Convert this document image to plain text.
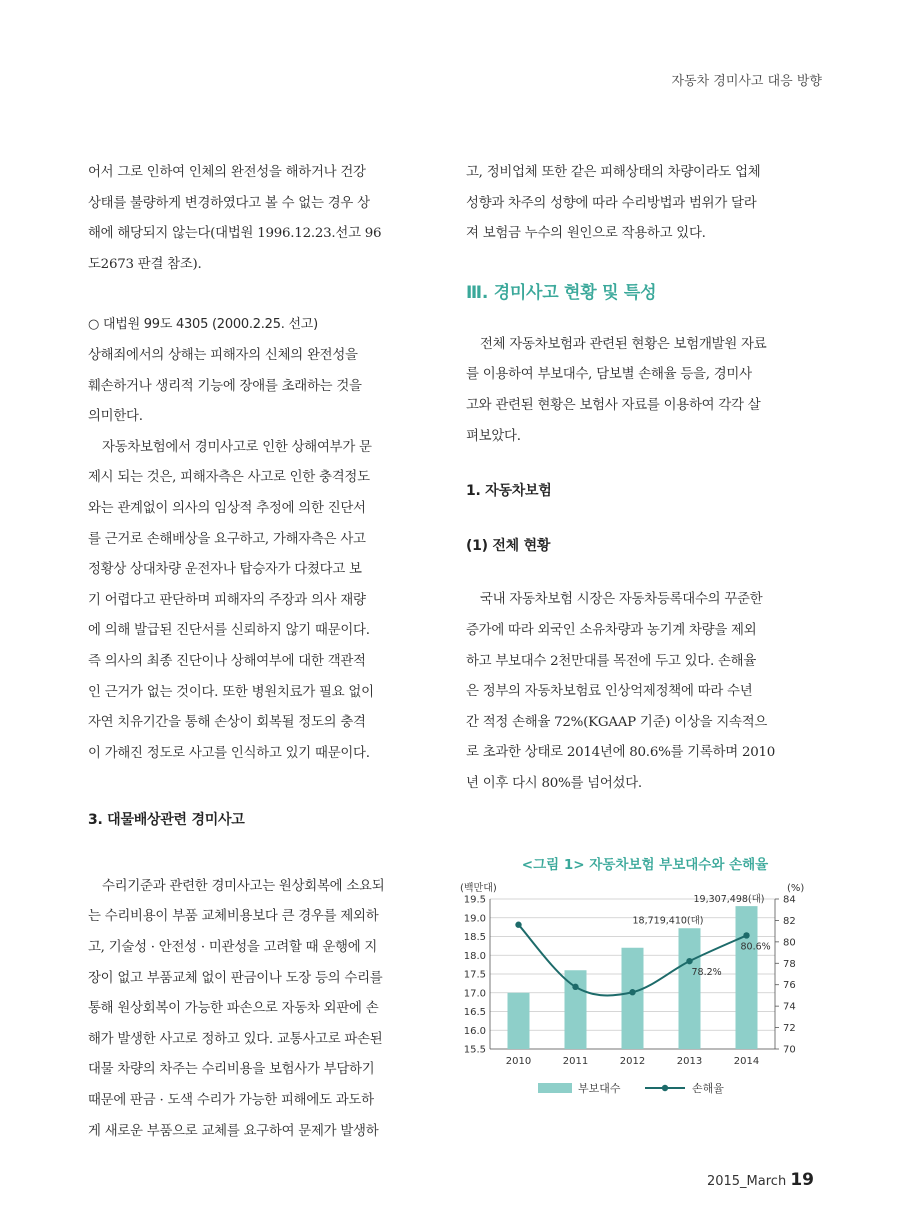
자동차 경미사고 대응 방향
어서 그로 인하여 인체의 완전성을 해하거나 건강
상태를 불량하게 변경하였다고 볼 수 없는 경우 상
해에 해당되지 않는다(대법원 1996.12.23.선고 96
도2673 판결 참조).
○ 대법원 99도 4305 (2000.2.25. 선고)
상해죄에서의 상해는 피해자의 신체의 완전성을
훼손하거나 생리적 기능에 장애를 초래하는 것을
의미한다.
자동차보험에서 경미사고로 인한 상해여부가 문
제시 되는 것은, 피해자측은 사고로 인한 충격정도
와는 관계없이 의사의 임상적 추정에 의한 진단서
를 근거로 손해배상을 요구하고, 가해자측은 사고
정황상 상대차량 운전자나 탑승자가 다쳤다고 보
기 어렵다고 판단하며 피해자의 주장과 의사 재량
에 의해 발급된 진단서를 신뢰하지 않기 때문이다.
즉 의사의 최종 진단이나 상해여부에 대한 객관적
인 근거가 없는 것이다. 또한 병원치료가 필요 없이
자연 치유기간을 통해 손상이 회복될 정도의 충격
이 가해진 정도로 사고를 인식하고 있기 때문이다.
3. 대물배상관련 경미사고
수리기준과 관련한 경미사고는 원상회복에 소요되
는 수리비용이 부품 교체비용보다 큰 경우를 제외하
고, 기술성 · 안전성 · 미관성을 고려할 때 운행에 지
장이 없고 부품교체 없이 판금이나 도장 등의 수리를
통해 원상회복이 가능한 파손으로 자동차 외판에 손
해가 발생한 사고로 정하고 있다. 교통사고로 파손된
대물 차량의 차주는 수리비용을 보험사가 부담하기
때문에 판금 · 도색 수리가 가능한 피해에도 과도하
게 새로운 부품으로 교체를 요구하여 문제가 발생하
고, 정비업체 또한 같은 피해상태의 차량이라도 업체
성향과 차주의 성향에 따라 수리방법과 범위가 달라
져 보험금 누수의 원인으로 작용하고 있다.
Ⅲ. 경미사고 현황 및 특성
전체 자동차보험과 관련된 현황은 보험개발원 자료
를 이용하여 부보대수, 담보별 손해율 등을, 경미사
고와 관련된 현황은 보험사 자료를 이용하여 각각 살
펴보았다.
1. 자동차보험
(1) 전체 현황
국내 자동차보험 시장은 자동차등록대수의 꾸준한
증가에 따라 외국인 소유차량과 농기계 차량을 제외
하고 부보대수 2천만대를 목전에 두고 있다. 손해율
은 정부의 자동차보험료 인상억제정책에 따라 수년
간 적정 손해율 72%(KGAAP 기준) 이상을 지속적으
로 초과한 상태로 2014년에 80.6%를 기록하며 2010
년 이후 다시 80%를 넘어섰다.
<그림 1> 자동차보험 부보대수와 손해율
15.5
16.0
16.5
17.0
17.5
18.0
18.5
19.0
19.5
70
72
74
76
78
80
82
84
(백만대)	(%)
2010	2011	2012	2013	2014
19,307,498(대)
18,719,410(대)
80.6%
78.2%
부보대수	손해율
2015_March 19
